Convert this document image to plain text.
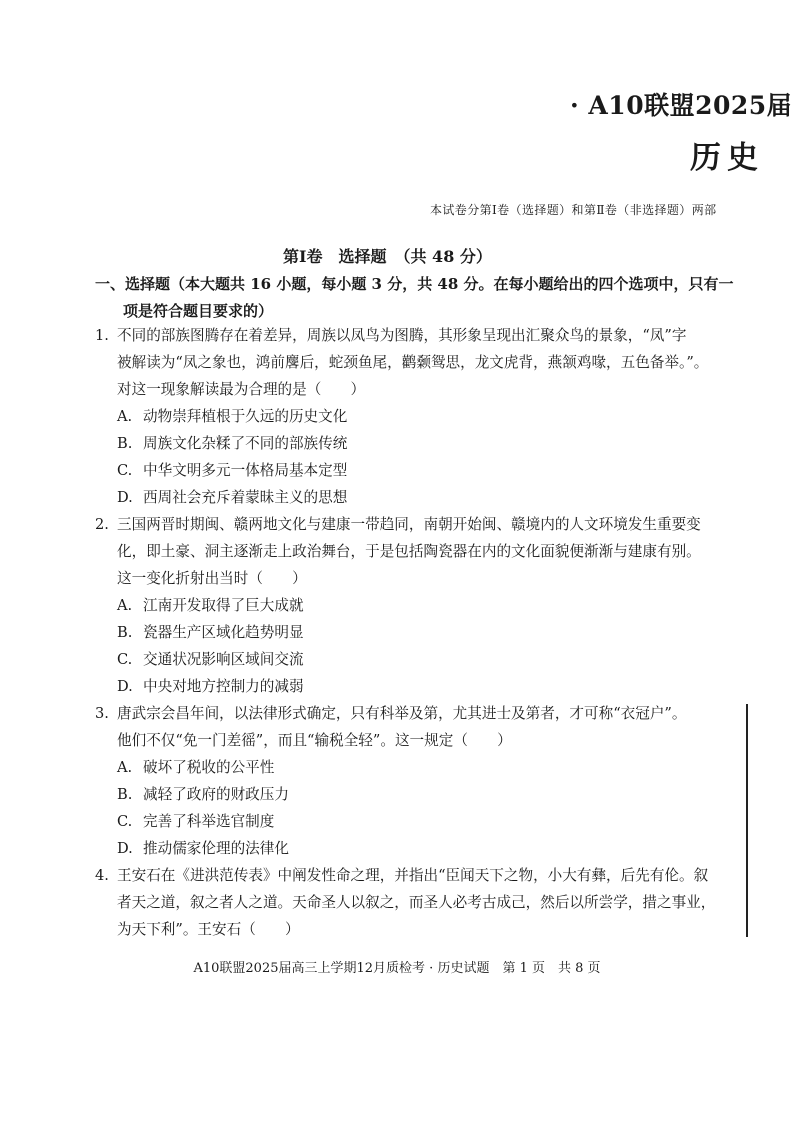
· A10联盟2025届
历史
本试卷分第Ⅰ卷（选择题）和第Ⅱ卷（非选择题）两部
第Ⅰ卷　选择题　（共 48 分）
一、选择题（本大题共 16 小题，每小题 3 分，共 48 分。在每小题给出的四个选项中，只有一
项是符合题目要求的）
1. 不同的部族图腾存在着差异，周族以凤鸟为图腾，其形象呈现出汇聚众鸟的景象，“凤”字
被解读为“凤之象也，鸿前麐后，蛇颈鱼尾，鹳颡鸳思，龙文虎背，燕颔鸡喙，五色备举。”。
对这一现象解读最为合理的是（　　）
A. 动物崇拜植根于久远的历史文化
B. 周族文化杂糅了不同的部族传统
C. 中华文明多元一体格局基本定型
D. 西周社会充斥着蒙昧主义的思想
2. 三国两晋时期闽、赣两地文化与建康一带趋同，南朝开始闽、赣境内的人文环境发生重要变
化，即土豪、洞主逐渐走上政治舞台，于是包括陶瓷器在内的文化面貌便渐渐与建康有别。
这一变化折射出当时（　　）
A. 江南开发取得了巨大成就
B. 瓷器生产区域化趋势明显
C. 交通状况影响区域间交流
D. 中央对地方控制力的减弱
3. 唐武宗会昌年间，以法律形式确定，只有科举及第，尤其进士及第者，才可称“衣冠户”。
他们不仅“免一门差徭”，而且“输税全轻”。这一规定（　　）
A. 破坏了税收的公平性
B. 减轻了政府的财政压力
C. 完善了科举选官制度
D. 推动儒家伦理的法律化
4. 王安石在《进洪范传表》中阐发性命之理，并指出“臣闻天下之物，小大有彝，后先有伦。叙
者天之道，叙之者人之道。天命圣人以叙之，而圣人必考古成己，然后以所尝学，措之事业，
为天下利”。王安石（　　）
A10联盟2025届高三上学期12月质检考 · 历史试题　第 1 页　共 8 页
